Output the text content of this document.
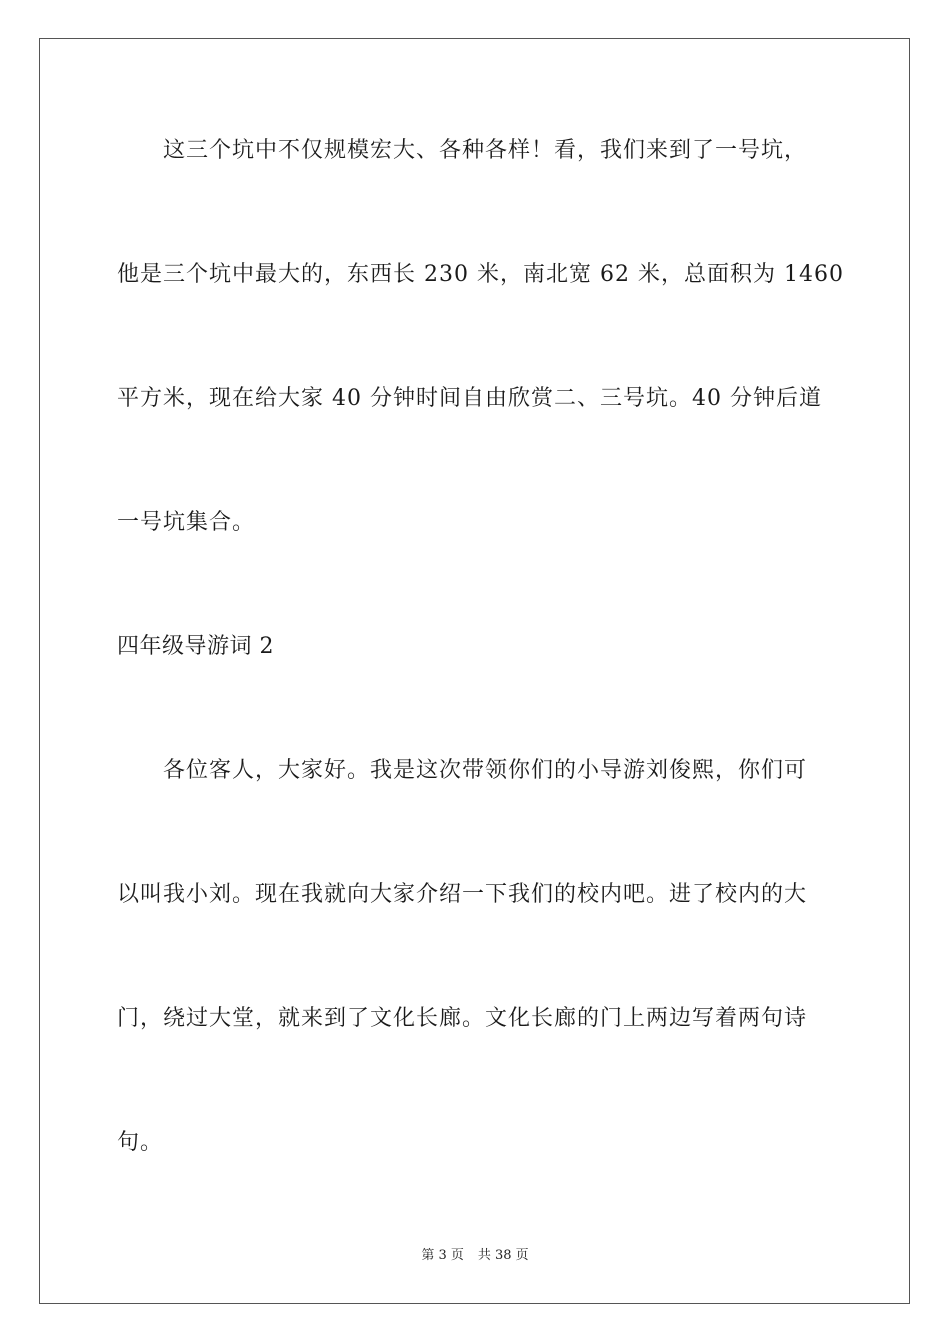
这三个坑中不仅规模宏大、各种各样！看，我们来到了一号坑，

他是三个坑中最大的，东西长 230 米，南北宽 62 米，总面积为 1460

平方米，现在给大家 40 分钟时间自由欣赏二、三号坑。40 分钟后道

一号坑集合。

四年级导游词 2

各位客人，大家好。我是这次带领你们的小导游刘俊熙，你们可

以叫我小刘。现在我就向大家介绍一下我们的校内吧。进了校内的大

门，绕过大堂，就来到了文化长廊。文化长廊的门上两边写着两句诗

句。

第 3 页 共 38 页
